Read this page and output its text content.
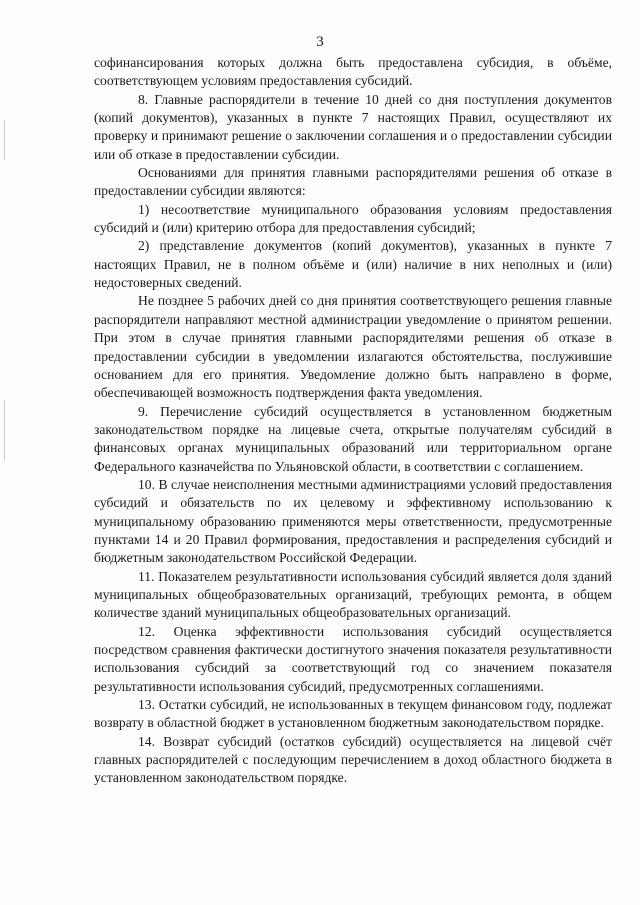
3

софинансирования которых должна быть предоставлена субсидия, в объёме, соответствующем условиям предоставления субсидий.

8. Главные распорядители в течение 10 дней со дня поступления документов (копий документов), указанных в пункте 7 настоящих Правил, осуществляют их проверку и принимают решение о заключении соглашения и о предоставлении субсидии или об отказе в предоставлении субсидии.

Основаниями для принятия главными распорядителями решения об отказе в предоставлении субсидии являются:

1) несоответствие муниципального образования условиям предоставления субсидий и (или) критерию отбора для предоставления субсидий;

2) представление документов (копий документов), указанных в пункте 7 настоящих Правил, не в полном объёме и (или) наличие в них неполных и (или) недостоверных сведений.

Не позднее 5 рабочих дней со дня принятия соответствующего решения главные распорядители направляют местной администрации уведомление о принятом решении. При этом в случае принятия главными распорядителями решения об отказе в предоставлении субсидии в уведомлении излагаются обстоятельства, послужившие основанием для его принятия. Уведомление должно быть направлено в форме, обеспечивающей возможность подтверждения факта уведомления.

9. Перечисление субсидий осуществляется в установленном бюджетным законодательством порядке на лицевые счета, открытые получателям субсидий в финансовых органах муниципальных образований или территориальном органе Федерального казначейства по Ульяновской области, в соответствии с соглашением.

10. В случае неисполнения местными администрациями условий предоставления субсидий и обязательств по их целевому и эффективному использованию к муниципальному образованию применяются меры ответственности, предусмотренные пунктами 14 и 20 Правил формирования, предоставления и распределения субсидий и бюджетным законодательством Российской Федерации.

11. Показателем результативности использования субсидий является доля зданий муниципальных общеобразовательных организаций, требующих ремонта, в общем количестве зданий муниципальных общеобразовательных организаций.

12. Оценка эффективности использования субсидий осуществляется посредством сравнения фактически достигнутого значения показателя результативности использования субсидий за соответствующий год со значением показателя результативности использования субсидий, предусмотренных соглашениями.

13. Остатки субсидий, не использованных в текущем финансовом году, подлежат возврату в областной бюджет в установленном бюджетным законодательством порядке.

14. Возврат субсидий (остатков субсидий) осуществляется на лицевой счёт главных распорядителей с последующим перечислением в доход областного бюджета в установленном законодательством порядке.
